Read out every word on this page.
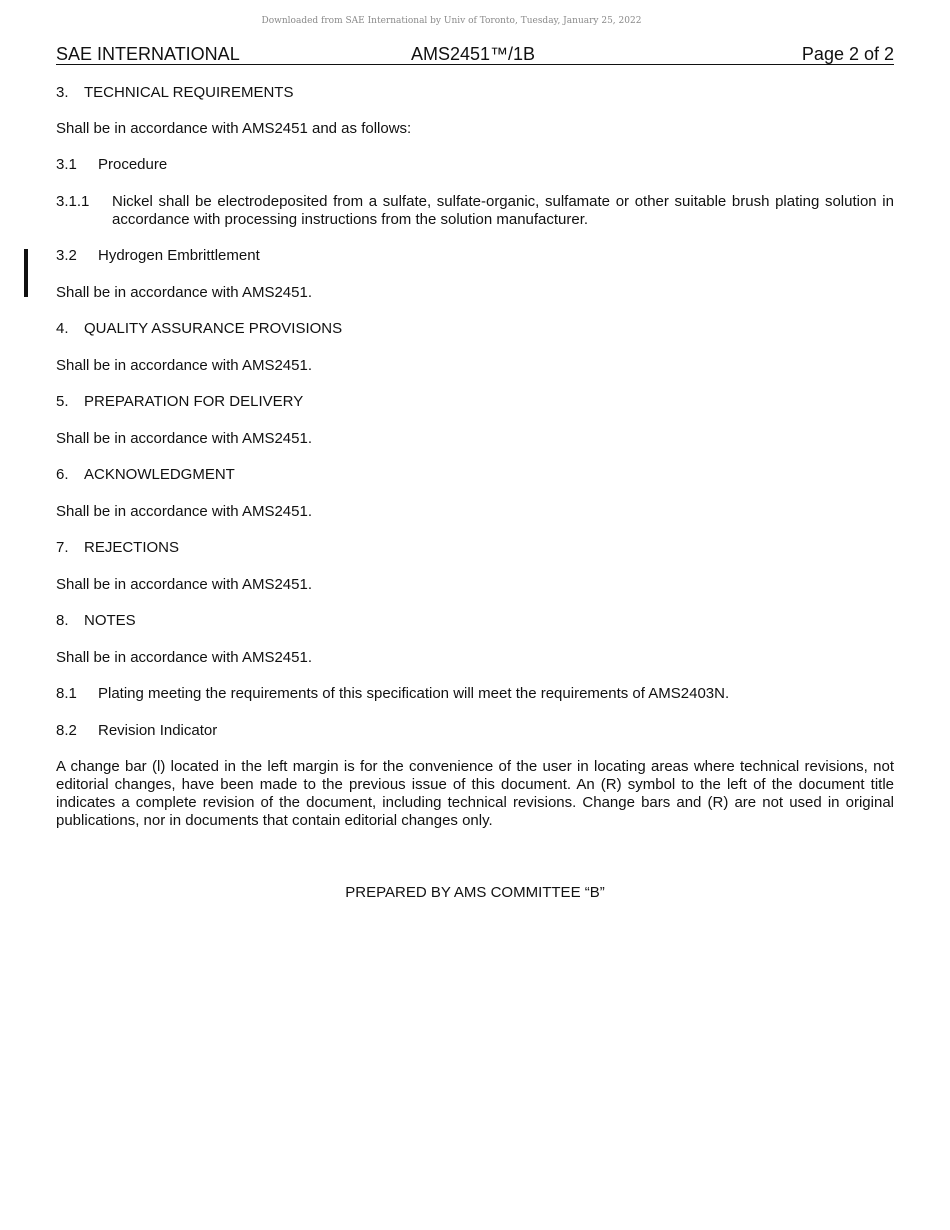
Downloaded from SAE International by Univ of Toronto, Tuesday, January 25, 2022
SAE INTERNATIONAL	AMS2451™/1B	Page 2 of 2
3. TECHNICAL REQUIREMENTS
Shall be in accordance with AMS2451 and as follows:
3.1 Procedure
3.1.1 Nickel shall be electrodeposited from a sulfate, sulfate-organic, sulfamate or other suitable brush plating solution in accordance with processing instructions from the solution manufacturer.
3.2 Hydrogen Embrittlement
Shall be in accordance with AMS2451.
4. QUALITY ASSURANCE PROVISIONS
Shall be in accordance with AMS2451.
5. PREPARATION FOR DELIVERY
Shall be in accordance with AMS2451.
6. ACKNOWLEDGMENT
Shall be in accordance with AMS2451.
7. REJECTIONS
Shall be in accordance with AMS2451.
8. NOTES
Shall be in accordance with AMS2451.
8.1 Plating meeting the requirements of this specification will meet the requirements of AMS2403N.
8.2 Revision Indicator
A change bar (l) located in the left margin is for the convenience of the user in locating areas where technical revisions, not editorial changes, have been made to the previous issue of this document. An (R) symbol to the left of the document title indicates a complete revision of the document, including technical revisions. Change bars and (R) are not used in original publications, nor in documents that contain editorial changes only.
PREPARED BY AMS COMMITTEE “B”
